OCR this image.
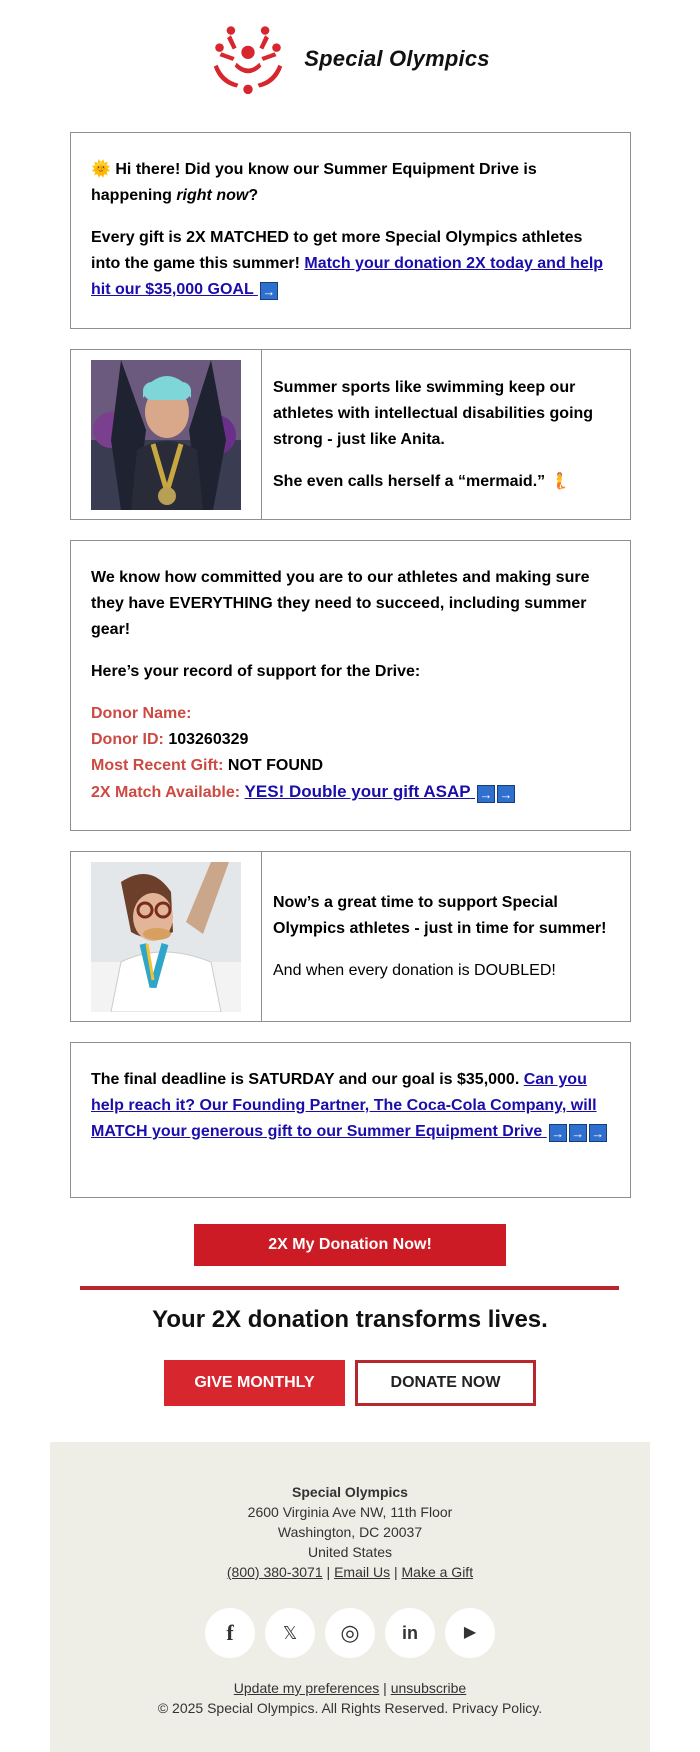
Special Olympics

🌞 Hi there! Did you know our Summer Equipment Drive is happening right now?

Every gift is 2X MATCHED to get more Special Olympics athletes into the game this summer! Match your donation 2X today and help hit our $35,000 GOAL →

Summer sports like swimming keep our athletes with intellectual disabilities going strong - just like Anita.

She even calls herself a “mermaid.” 🧜

We know how committed you are to our athletes and making sure they have EVERYTHING they need to succeed, including summer gear!

Here’s your record of support for the Drive:

Donor Name:
Donor ID: 103260329
Most Recent Gift: NOT FOUND
2X Match Available: YES! Double your gift ASAP → →

Now’s a great time to support Special Olympics athletes - just in time for summer!

And when every donation is DOUBLED!

The final deadline is SATURDAY and our goal is $35,000. Can you help reach it? Our Founding Partner, The Coca-Cola Company, will MATCH your generous gift to our Summer Equipment Drive → → →

2X My Donation Now!
Your 2X donation transforms lives.
GIVE MONTHLY	DONATE NOW
Special Olympics
2600 Virginia Ave NW, 11th Floor
Washington, DC 20037
United States
(800) 380-3071 | Email Us | Make a Gift
f	𝕏	◎	in	▶
Update my preferences | unsubscribe
© 2025 Special Olympics. All Rights Reserved. Privacy Policy.
